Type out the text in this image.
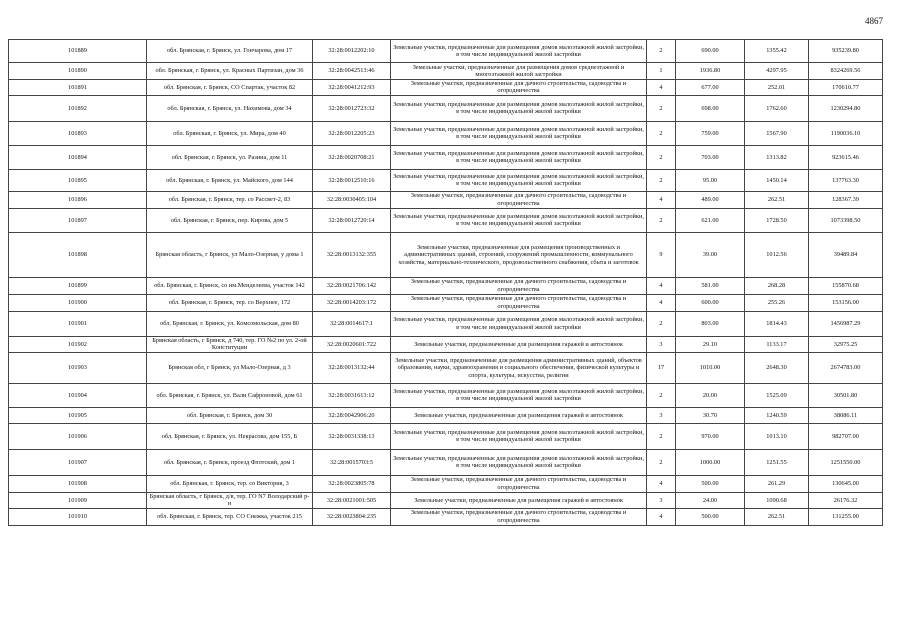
4867
101889	обл. Брянская, г. Брянск, ул. Гончарова, дом 17	32:28:0012202:10	Земельные участки, предназначенные для размещения домов малоэтажной жилой застройки, в том числе индивидуальной жилой застройки	2	690.00	1355.42	935239.80
101890	обл. Брянская, г. Брянск, ул. Красных Партизан, дом 36	32:28:0042513:46	Земельные участки, предназначенные для размещения домов среднеэтажной и многоэтажной жилой застройки	1	1936.80	4297.95	8324269.56
101891	обл. Брянская, г. Брянск, СО Спартак, участок 82	32:28:0041212:93	Земельные участки, предназначенные для дачного строительства, садоводства и огородничества	4	677.00	252.01	170610.77
101892	обл. Брянская, г. Брянск, ул. Нахимова, дом 34	32:28:0012723:32	Земельные участки, предназначенные для размещения домов малоэтажной жилой застройки, в том числе индивидуальной жилой застройки	2	698.00	1762.60	1230294.80
101893	обл. Брянская, г. Брянск, ул. Мира, дом 40	32:28:0012205:23	Земельные участки, предназначенные для размещения домов малоэтажной жилой застройки, в том числе индивидуальной жилой застройки	2	759.00	1567.90	1190036.10
101894	обл. Брянская, г. Брянск, ул. Разина, дом 11	32:28:0020708:21	Земельные участки, предназначенные для размещения домов малоэтажной жилой застройки, в том числе индивидуальной жилой застройки	2	703.00	1313.82	923615.46
101895	обл. Брянская, г. Брянск, ул. Майского, дом 144	32:28:0012510:16	Земельные участки, предназначенные для размещения домов малоэтажной жилой застройки, в том числе индивидуальной жилой застройки	2	95.00	1450.14	137763.30
101896	обл. Брянская, г. Брянск, тер. со Рассвет-2, 83	32:28:0030405:104	Земельные участки, предназначенные для дачного строительства, садоводства и огородничества	4	489.00	262.51	128367.39
101897	обл. Брянская, г. Брянск, пер. Кирова, дом 5	32:28:0012720:14	Земельные участки, предназначенные для размещения домов малоэтажной жилой застройки, в том числе индивидуальной жилой застройки	2	621.00	1728.50	1073398.50
101898	Брянская область, г Брянск, ул Мало-Озерная, у дома 1	32:28:0013132:355	Земельные участки, предназначенные для размещения производственных и административных зданий, строений, сооружений промышленности, коммунального хозяйства, материально-технического, продовольственного снабжения, сбыта и заготовок	9	39.00	1012.56	39489.84
101899	обл. Брянская, г. Брянск, со им.Менделеева, участок 142	32:28:0021706:142	Земельные участки, предназначенные для дачного строительства, садоводства и огородничества	4	581.00	268.28	155870.68
101900	обл. Брянская, г. Брянск, тер. со Верхнее, 172	32:28:0014203:172	Земельные участки, предназначенные для дачного строительства, садоводства и огородничества	4	600.00	255.26	153156.00
101901	обл. Брянская, г. Брянск, ул. Комсомольская, дом 80	32:28:0014617:1	Земельные участки, предназначенные для размещения домов малоэтажной жилой застройки, в том числе индивидуальной жилой застройки	2	803.00	1814.43	1456987.29
101902	Брянская область, г Брянск, д 740, тер. ГО №2 по ул. 2-ой Конституции	32:28:0020601:722	Земельные участки, предназначенные для размещения гаражей и автостоянок	3	29.10	1133.17	32975.25
101903	Брянская обл, г Брянск, ул Мало-Озерная, д 3	32:28:0013132:44	Земельные участки, предназначенные для размещения административных зданий, объектов образования, науки, здравоохранения и социального обеспечения, физической культуры и спорта, культуры, искусства, религии	17	1010.00	2648.30	2674783.00
101904	обл. Брянская, г. Брянск, ул. Вали Сафроновой, дом 61	32:28:0031613:12	Земельные участки, предназначенные для размещения домов малоэтажной жилой застройки, в том числе индивидуальной жилой застройки	2	20.00	1525.09	30501.80
101905	обл. Брянская, г. Брянск, дом 30	32:28:0042906:20	Земельные участки, предназначенные для размещения гаражей и автостоянок	3	30.70	1240.59	38086.11
101906	обл. Брянская, г. Брянск, ул. Некрасова, дом 155, Б	32:28:0031338:13	Земельные участки, предназначенные для размещения домов малоэтажной жилой застройки, в том числе индивидуальной жилой застройки	2	970.00	1013.10	982707.00
101907	обл. Брянская, г. Брянск, проезд Флотский, дом 1	32:28:0015703:5	Земельные участки, предназначенные для размещения домов малоэтажной жилой застройки, в том числе индивидуальной жилой застройки	2	1000.00	1251.55	1251550.00
101908	обл. Брянская, г. Брянск, тер. со Виктория, 3	32:28:0023805:78	Земельные участки, предназначенные для дачного строительства, садоводства и огородничества	4	500.00	261.29	130645.00
101909	Брянская область, г Брянск, д/в, тер. ГО N7 Володарский р-н	32:28:0021001:505	Земельные участки, предназначенные для размещения гаражей и автостоянок	3	24.00	1090.68	26176.32
101910	обл. Брянская, г. Брянск, тер. СО Снежка, участок 215	32:28:0023804:235	Земельные участки, предназначенные для дачного строительства, садоводства и огородничества	4	500.00	262.51	131255.00
